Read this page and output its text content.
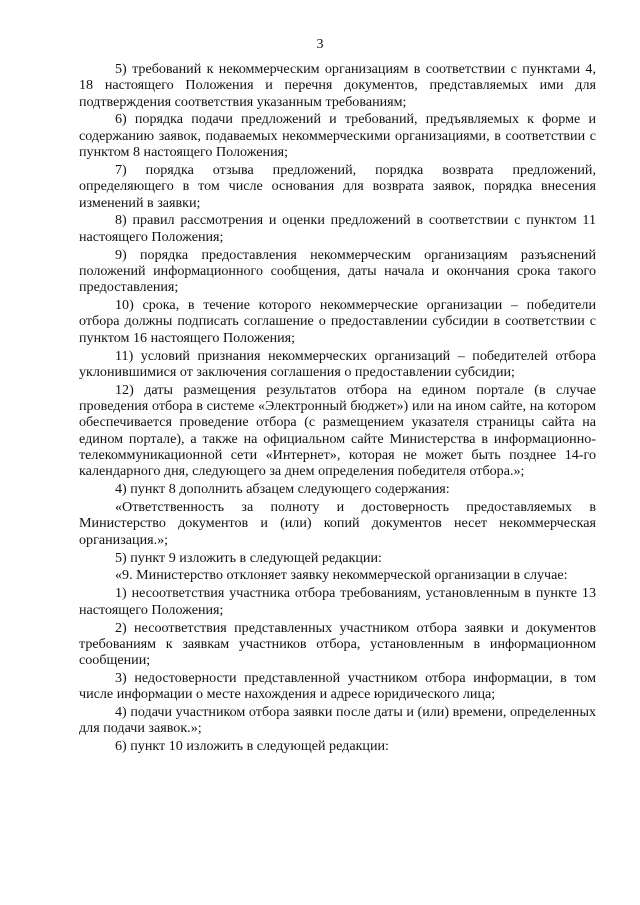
3

5) требований к некоммерческим организациям в соответствии с пунктами 4, 18 настоящего Положения и перечня документов, представляемых ими для подтверждения соответствия указанным требованиям;

6) порядка подачи предложений и требований, предъявляемых к форме и содержанию заявок, подаваемых некоммерческими организациями, в соответствии с пунктом 8 настоящего Положения;

7) порядка отзыва предложений, порядка возврата предложений, определяющего в том числе основания для возврата заявок, порядка внесения изменений в заявки;

8) правил рассмотрения и оценки предложений в соответствии с пунктом 11 настоящего Положения;

9) порядка предоставления некоммерческим организациям разъяснений положений информационного сообщения, даты начала и окончания срока такого предоставления;

10) срока, в течение которого некоммерческие организации – победители отбора должны подписать соглашение о предоставлении субсидии в соответствии с пунктом 16 настоящего Положения;

11) условий признания некоммерческих организаций – победителей отбора уклонившимися от заключения соглашения о предоставлении субсидии;

12) даты размещения результатов отбора на едином портале (в случае проведения отбора в системе «Электронный бюджет») или на ином сайте, на котором обеспечивается проведение отбора (с размещением указателя страницы сайта на едином портале), а также на официальном сайте Министерства в информационно-телекоммуникационной сети «Интернет», которая не может быть позднее 14-го календарного дня, следующего за днем определения победителя отбора.»;

4) пункт 8 дополнить абзацем следующего содержания:

«Ответственность за полноту и достоверность предоставляемых в Министерство документов и (или) копий документов несет некоммерческая организация.»;

5) пункт 9 изложить в следующей редакции:

«9. Министерство отклоняет заявку некоммерческой организации в случае:

1) несоответствия участника отбора требованиям, установленным в пункте 13 настоящего Положения;

2) несоответствия представленных участником отбора заявки и документов требованиям к заявкам участников отбора, установленным в информационном сообщении;

3) недостоверности представленной участником отбора информации, в том числе информации о месте нахождения и адресе юридического лица;

4) подачи участником отбора заявки после даты и (или) времени, определенных для подачи заявок.»;

6) пункт 10 изложить в следующей редакции:
